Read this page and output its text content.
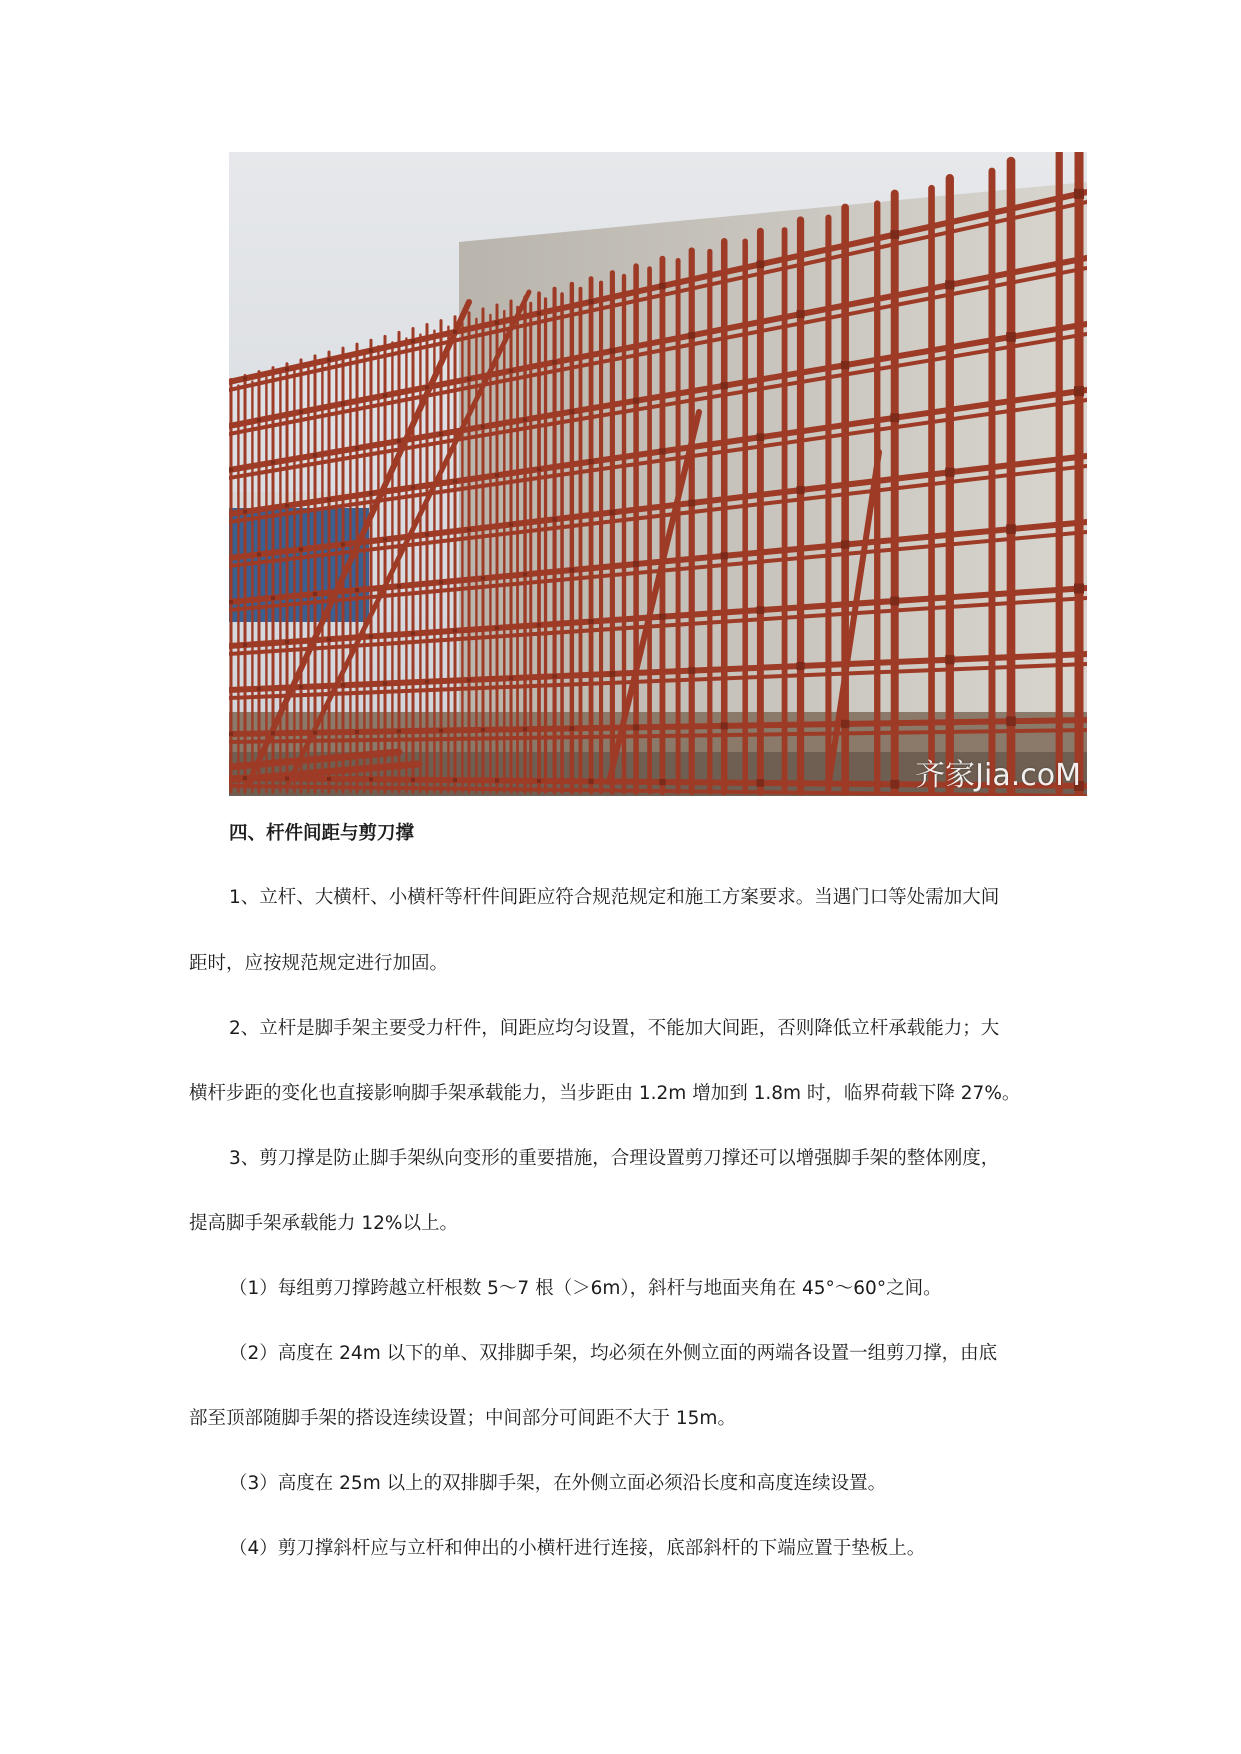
齐家Jia.coM
四、杆件间距与剪刀撑
1、立杆、大横杆、小横杆等杆件间距应符合规范规定和施工方案要求。当遇门口等处需加大间
距时，应按规范规定进行加固。
2、立杆是脚手架主要受力杆件，间距应均匀设置，不能加大间距，否则降低立杆承载能力；大
横杆步距的变化也直接影响脚手架承载能力，当步距由 1.2m 增加到 1.8m 时，临界荷载下降 27%。
3、剪刀撑是防止脚手架纵向变形的重要措施，合理设置剪刀撑还可以增强脚手架的整体刚度，
提高脚手架承载能力 12%以上。
（1）每组剪刀撑跨越立杆根数 5～7 根（＞6m），斜杆与地面夹角在 45°～60°之间。
（2）高度在 24m 以下的单、双排脚手架，均必须在外侧立面的两端各设置一组剪刀撑，由底
部至顶部随脚手架的搭设连续设置；中间部分可间距不大于 15m。
（3）高度在 25m 以上的双排脚手架，在外侧立面必须沿长度和高度连续设置。
（4）剪刀撑斜杆应与立杆和伸出的小横杆进行连接，底部斜杆的下端应置于垫板上。
